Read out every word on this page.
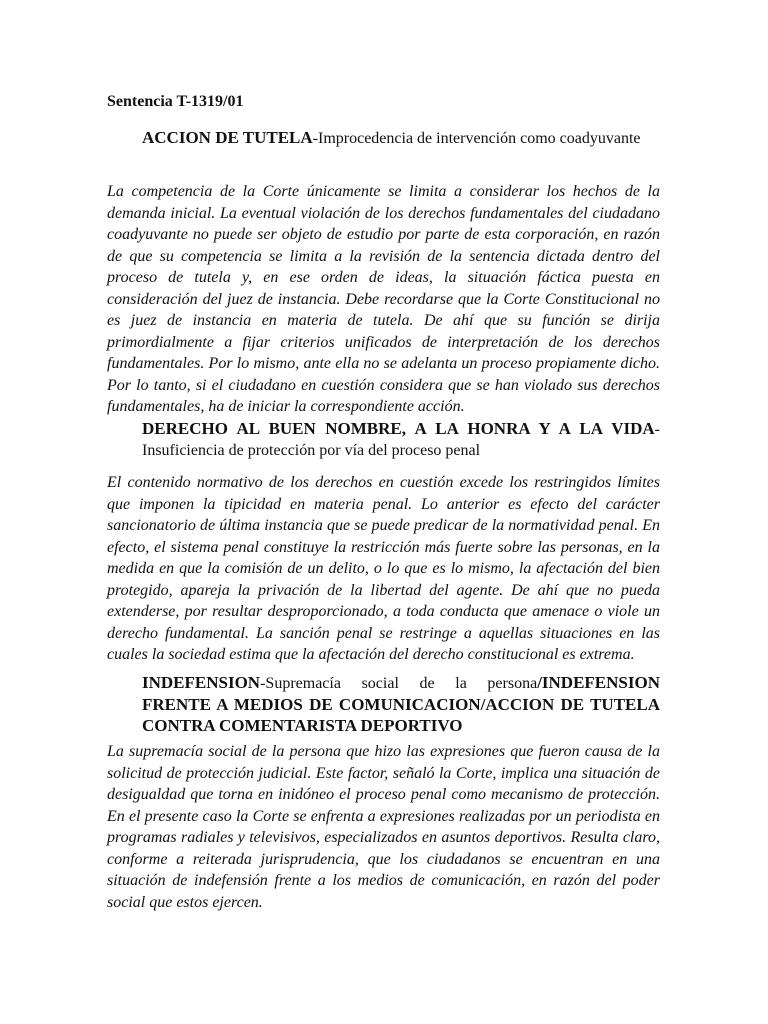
Sentencia T-1319/01

ACCION DE TUTELA-Improcedencia de intervención como coadyuvante

La competencia de la Corte únicamente se limita a considerar los hechos de la demanda inicial. La eventual violación de los derechos fundamentales del ciudadano coadyuvante no puede ser objeto de estudio por parte de esta corporación, en razón de que su competencia se limita a la revisión de la sentencia dictada dentro del proceso de tutela y, en ese orden de ideas, la situación fáctica puesta en consideración del juez de instancia. Debe recordarse que la Corte Constitucional no es juez de instancia en materia de tutela. De ahí que su función se dirija primordialmente a fijar criterios unificados de interpretación de los derechos fundamentales. Por lo mismo, ante ella no se adelanta un proceso propiamente dicho. Por lo tanto, si el ciudadano en cuestión considera que se han violado sus derechos fundamentales, ha de iniciar la correspondiente acción.

DERECHO AL BUEN NOMBRE, A LA HONRA Y A LA VIDA-Insuficiencia de protección por vía del proceso penal

El contenido normativo de los derechos en cuestión excede los restringidos límites que imponen la tipicidad en materia penal. Lo anterior es efecto del carácter sancionatorio de última instancia que se puede predicar de la normatividad penal. En efecto, el sistema penal constituye la restricción más fuerte sobre las personas, en la medida en que la comisión de un delito, o lo que es lo mismo, la afectación del bien protegido, apareja la privación de la libertad del agente. De ahí que no pueda extenderse, por resultar desproporcionado, a toda conducta que amenace o viole un derecho fundamental. La sanción penal se restringe a aquellas situaciones en las cuales la sociedad estima que la afectación del derecho constitucional es extrema.

INDEFENSION-Supremacía social de la persona/INDEFENSION FRENTE A MEDIOS DE COMUNICACION/ACCION DE TUTELA CONTRA COMENTARISTA DEPORTIVO

La supremacía social de la persona que hizo las expresiones que fueron causa de la solicitud de protección judicial. Este factor, señaló la Corte, implica una situación de desigualdad que torna en inidóneo el proceso penal como mecanismo de protección. En el presente caso la Corte se enfrenta a expresiones realizadas por un periodista en programas radiales y televisivos, especializados en asuntos deportivos. Resulta claro, conforme a reiterada jurisprudencia, que los ciudadanos se encuentran en una situación de indefensión frente a los medios de comunicación, en razón del poder social que estos ejercen.
